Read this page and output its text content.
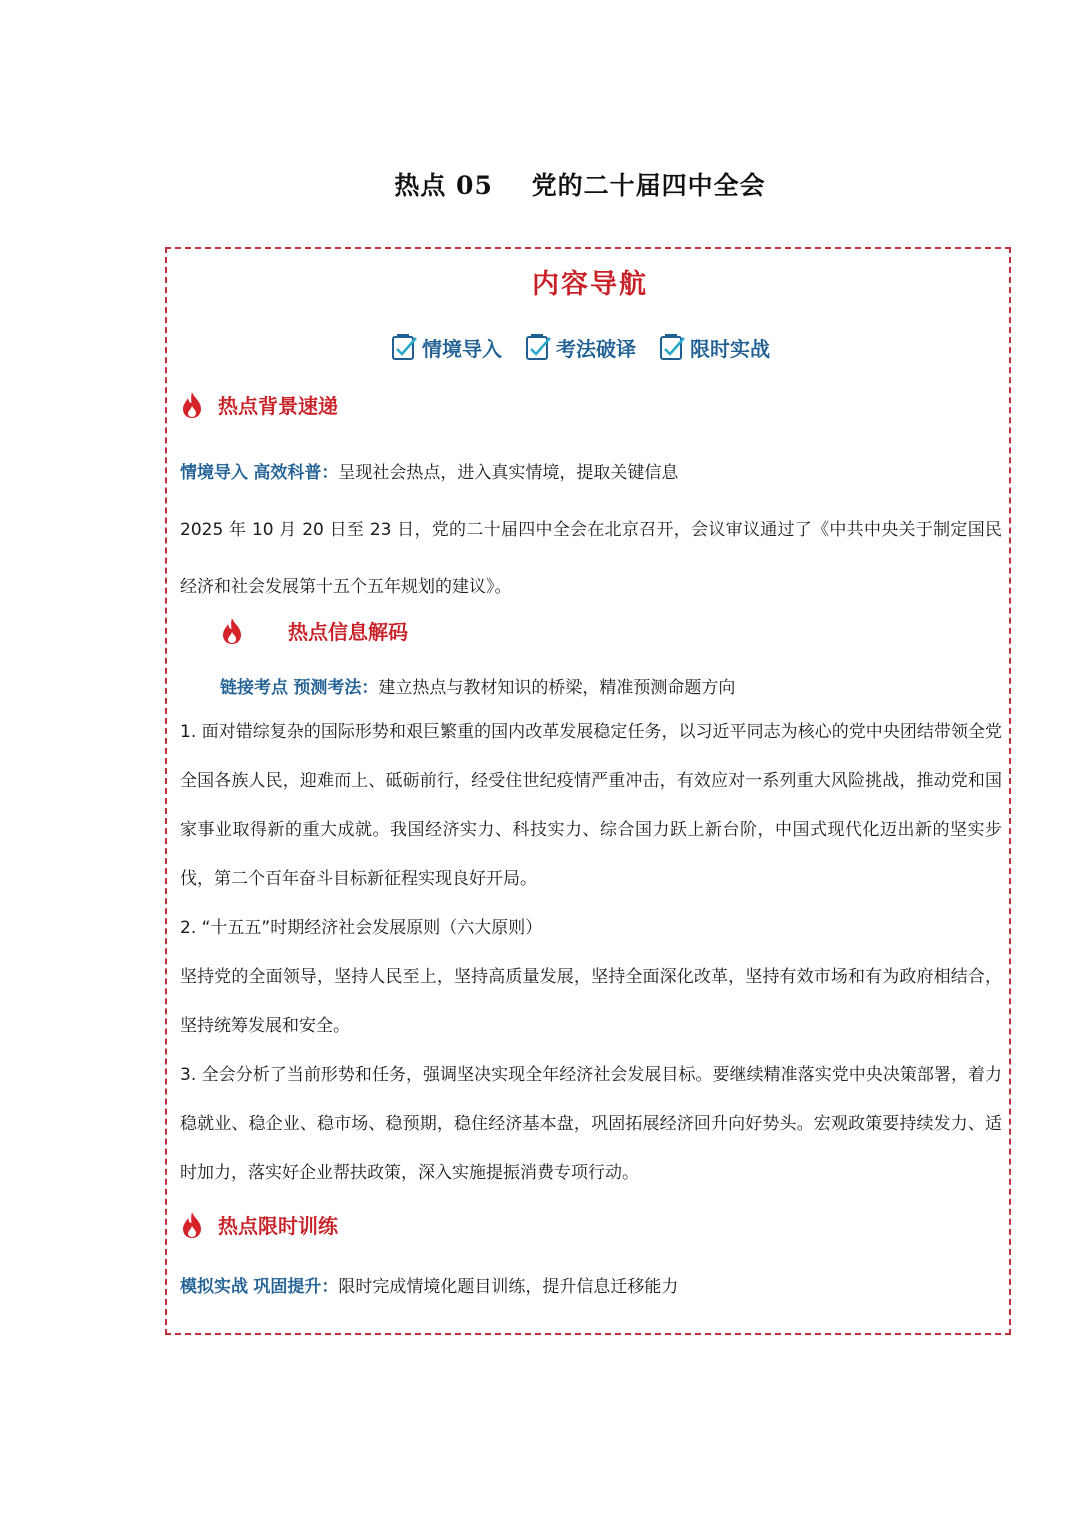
热点 05    党的二十届四中全会
内容导航
情境导入	考法破译	限时实战
热点背景速递
情境导入 高效科普：呈现社会热点，进入真实情境，提取关键信息

2025 年 10 月 20 日至 23 日，党的二十届四中全会在北京召开，会议审议通过了《中共中央关于制定国民经济和社会发展第十五个五年规划的建议》。

热点信息解码
链接考点 预测考法：建立热点与教材知识的桥梁，精准预测命题方向

1. 面对错综复杂的国际形势和艰巨繁重的国内改革发展稳定任务，以习近平同志为核心的党中央团结带领全党全国各族人民，迎难而上、砥砺前行，经受住世纪疫情严重冲击，有效应对一系列重大风险挑战，推动党和国家事业取得新的重大成就。我国经济实力、科技实力、综合国力跃上新台阶，中国式现代化迈出新的坚实步伐，第二个百年奋斗目标新征程实现良好开局。

2. “十五五”时期经济社会发展原则（六大原则）

坚持党的全面领导，坚持人民至上，坚持高质量发展，坚持全面深化改革，坚持有效市场和有为政府相结合，坚持统筹发展和安全。

3. 全会分析了当前形势和任务，强调坚决实现全年经济社会发展目标。要继续精准落实党中央决策部署，着力稳就业、稳企业、稳市场、稳预期，稳住经济基本盘，巩固拓展经济回升向好势头。宏观政策要持续发力、适时加力，落实好企业帮扶政策，深入实施提振消费专项行动。

热点限时训练
模拟实战 巩固提升：限时完成情境化题目训练，提升信息迁移能力
